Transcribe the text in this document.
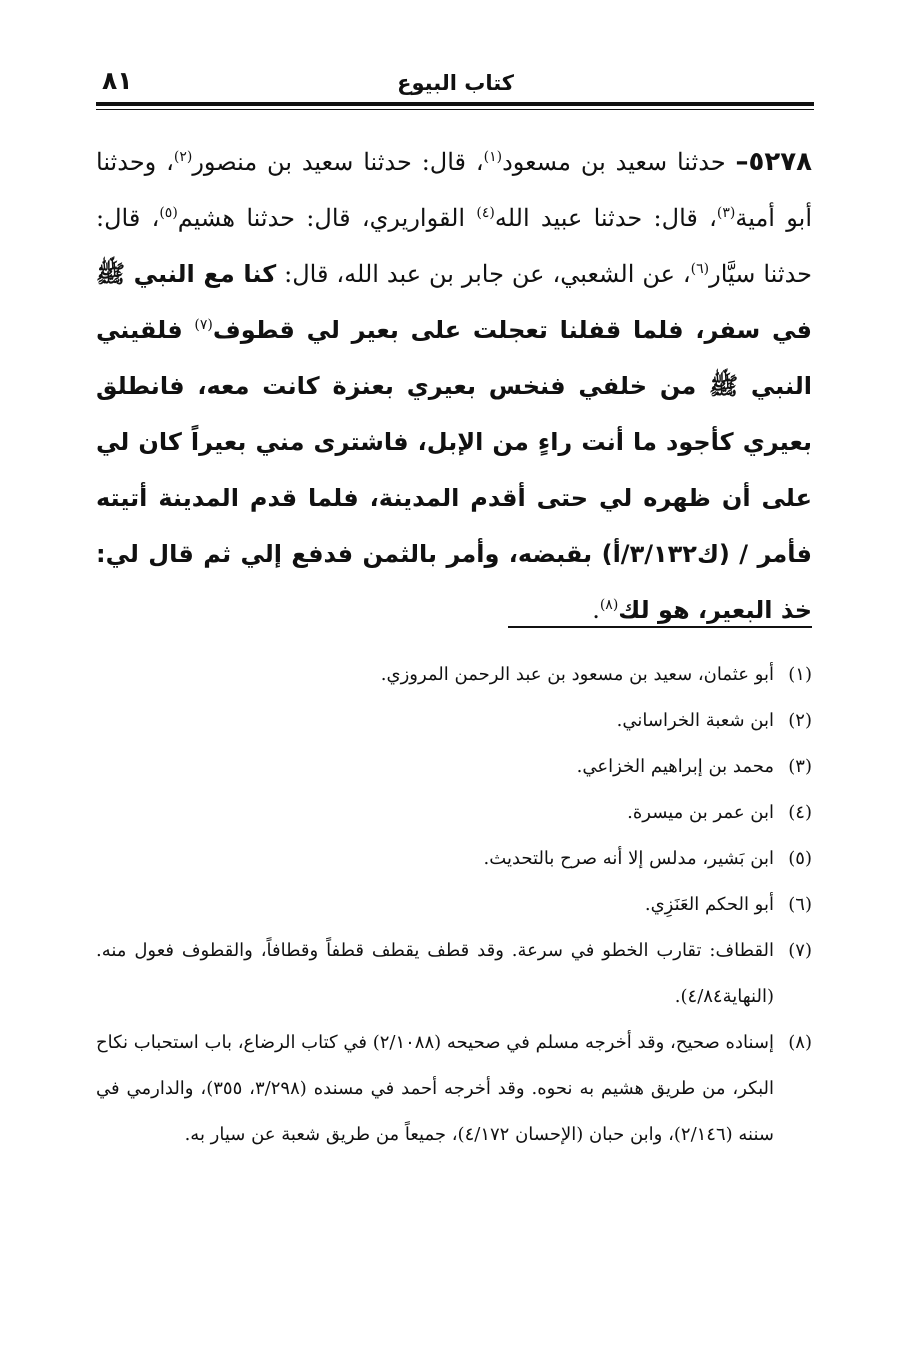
كتاب البيوع
٨١
٥٢٧٨– حدثنا سعيد بن مسعود$^{(١)}$، قال: حدثنا سعيد بن منصور$^{(٢)}$، وحدثنا أبو أمية$^{(٣)}$، قال: حدثنا عبيد الله$^{(٤)}$ القواريري، قال: حدثنا هشيم$^{(٥)}$، قال: حدثنا سيَّار$^{(٦)}$، عن الشعبي، عن جابر بن عبد الله، قال: كنا مع النبي ﷺ في سفر، فلما قفلنا تعجلت على بعير لي قطوف$^{(٧)}$ فلقيني النبي ﷺ من خلفي فنخس بعيري بعنزة كانت معه، فانطلق بعيري كأجود ما أنت راءٍ من الإبل، فاشترى مني بعيراً كان لي على أن ظهره لي حتى أقدم المدينة، فلما قدم المدينة أتيته فأمر / (ك٣/١٣٢/أ) بقبضه، وأمر بالثمن فدفع إلي ثم قال لي: خذ البعير، هو لك$^{(٨)}$.

(١)
أبو عثمان، سعيد بن مسعود بن عبد الرحمن المروزي.

(٢)
ابن شعبة الخراساني.

(٣)
محمد بن إبراهيم الخزاعي.

(٤)
ابن عمر بن ميسرة.

(٥)
ابن بَشير، مدلس إلا أنه صرح بالتحديث.

(٦)
أبو الحكم العَنَزِي.

(٧)
القطاف: تقارب الخطو في سرعة. وقد قطف يقطف قطفاً وقطافاً، والقطوف فعول منه. (النهاية٤/٨٤).

(٨)
إسناده صحيح، وقد أخرجه مسلم في صحيحه (٢/١٠٨٨) في كتاب الرضاع، باب استحباب نكاح البكر، من طريق هشيم به نحوه. وقد أخرجه أحمد في مسنده (٣/٢٩٨، ٣٥٥)، والدارمي في سننه (٢/١٤٦)، وابن حبان (الإحسان ٤/١٧٢)، جميعاً من طريق شعبة عن سيار به.
